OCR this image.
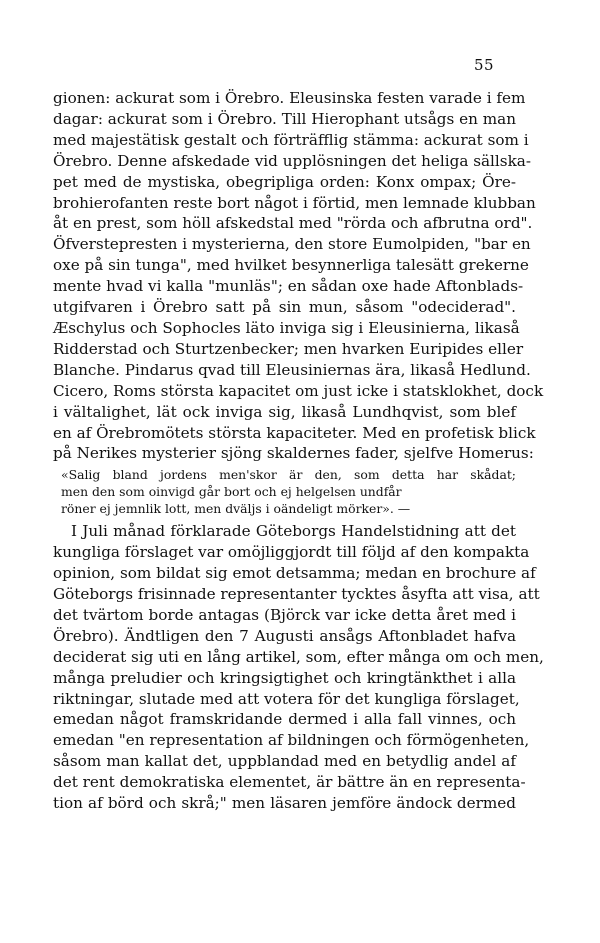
55
gionen: ackurat som i Örebro. Eleusinska festen varade i fem
dagar: ackurat som i Örebro. Till Hierophant utsågs en man
med majestätisk gestalt och förträfflig stämma: ackurat som i
Örebro. Denne afskedade vid upplösningen det heliga sällska-
pet med de mystiska, obegripliga orden: Konx ompax; Öre-
brohierofanten reste bort något i förtid, men lemnade klubban
åt en prest, som höll afskedstal med "rörda och afbrutna ord".
Öfverstepresten i mysterierna, den store Eumolpiden, "bar en
oxe på sin tunga", med hvilket besynnerliga talesätt grekerne
mente hvad vi kalla "munläs"; en sådan oxe hade Aftonblads-
utgifvaren i Örebro satt på sin mun, såsom "odeciderad".
Æschylus och Sophocles läto inviga sig i Eleusinierna, likaså
Ridderstad och Sturtzenbecker; men hvarken Euripides eller
Blanche. Pindarus qvad till Eleusiniernas ära, likaså Hedlund.
Cicero, Roms största kapacitet om just icke i statsklokhet, dock
i vältalighet, lät ock inviga sig, likaså Lundhqvist, som blef
en af Örebromötets största kapaciteter. Med en profetisk blick
på Nerikes mysterier sjöng skaldernes fader, sjelfve Homerus:
«Salig bland jordens men'skor är den, som detta har skådat;
men den som oinvigd går bort och ej helgelsen undfår
röner ej jemnlik lott, men dväljs i oändeligt mörker». —
I Juli månad förklarade Göteborgs Handelstidning att det
kungliga förslaget var omöjliggjordt till följd af den kompakta
opinion, som bildat sig emot detsamma; medan en brochure af
Göteborgs frisinnade representanter tycktes åsyfta att visa, att
det tvärtom borde antagas (Björck var icke detta året med i
Örebro). Ändtligen den 7 Augusti ansågs Aftonbladet hafva
deciderat sig uti en lång artikel, som, efter många om och men,
många preludier och kringsigtighet och kringtänkthet i alla
riktningar, slutade med att votera för det kungliga förslaget,
emedan något framskridande dermed i alla fall vinnes, och
emedan "en representation af bildningen och förmögenheten,
såsom man kallat det, uppblandad med en betydlig andel af
det rent demokratiska elementet, är bättre än en representa-
tion af börd och skrå;" men läsaren jemföre ändock dermed
